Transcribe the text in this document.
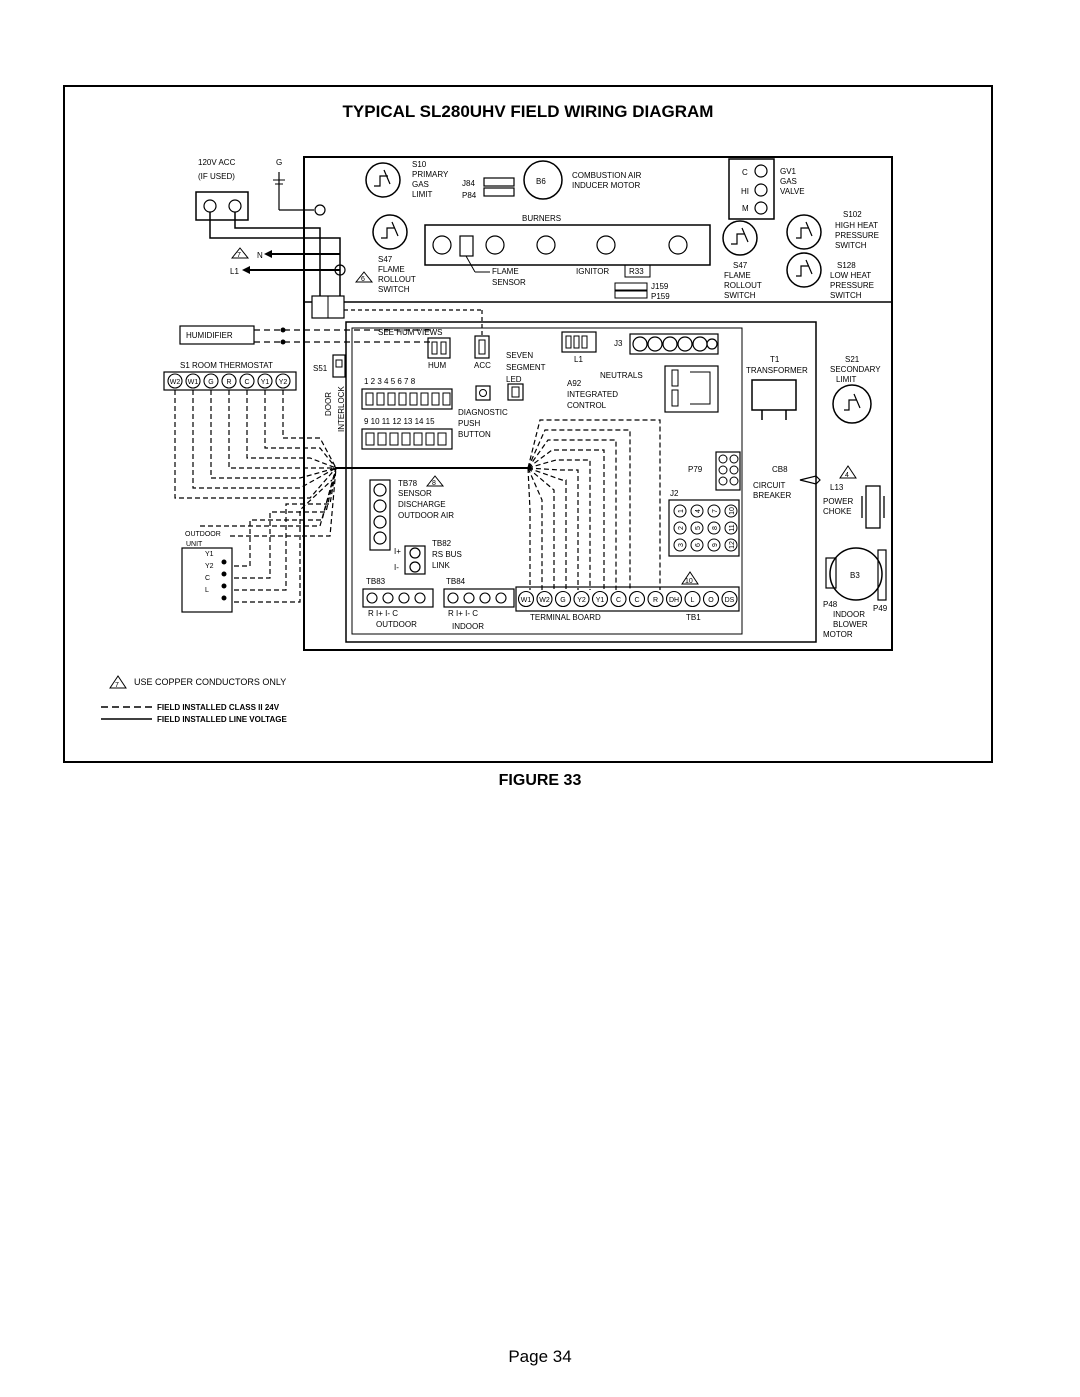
TYPICAL SL280UHV FIELD WIRING DIAGRAM
120V ACC
(IF USED)
G
7 N
L1
6
S10
PRIMARY
GAS
LIMIT
J84
P84
B6
COMBUSTION AIR
INDUCER MOTOR
C
HI
M
GV1
GAS
VALVE
S47
FLAME
ROLLOUT
SWITCH
BURNERS
FLAME
SENSOR
IGNITOR R33
J159
P159
S47
FLAME
ROLLOUT
SWITCH
S102
HIGH HEAT
PRESSURE
SWITCH
S128
LOW HEAT
PRESSURE
SWITCH
HUMIDIFIER	SEE HUM VIEWS
HUM	ACC
SEVEN
SEGMENT
LED
L1
J3
NEUTRALS
A92
INTEGRATED
CONTROL
S51
DOOR INTERLOCK
1 2 3 4 5 6 7 8
9 10 11 12 13 14 15
DIAGNOSTIC
PUSH
BUTTON
T1
TRANSFORMER
S21
SECONDARY
LIMIT
S1 ROOM THERMOSTAT
W2 W1 G R C Y1 Y2
TB78 8
SENSOR
DISCHARGE
OUTDOOR AIR
I+
I-
TB82
RS BUS
LINK
TB83
R I+ I- C
OUTDOOR
TB84
R I+ I- C
INDOOR
10
W1 W2 G Y2 Y1 C C R DH L O DS
TERMINAL BOARD	TB1
P79
J2
1 4 7 10
2 5 8 11
3 6 9 12
CB8
CIRCUIT
BREAKER
4
L13
POWER
CHOKE
B3
P48	P49
INDOOR
BLOWER
MOTOR
OUTDOOR
UNIT
Y1
Y2
C
L
7 USE COPPER CONDUCTORS ONLY
FIELD INSTALLED CLASS II 24V
FIELD INSTALLED LINE VOLTAGE
FIGURE 33
Page 34
